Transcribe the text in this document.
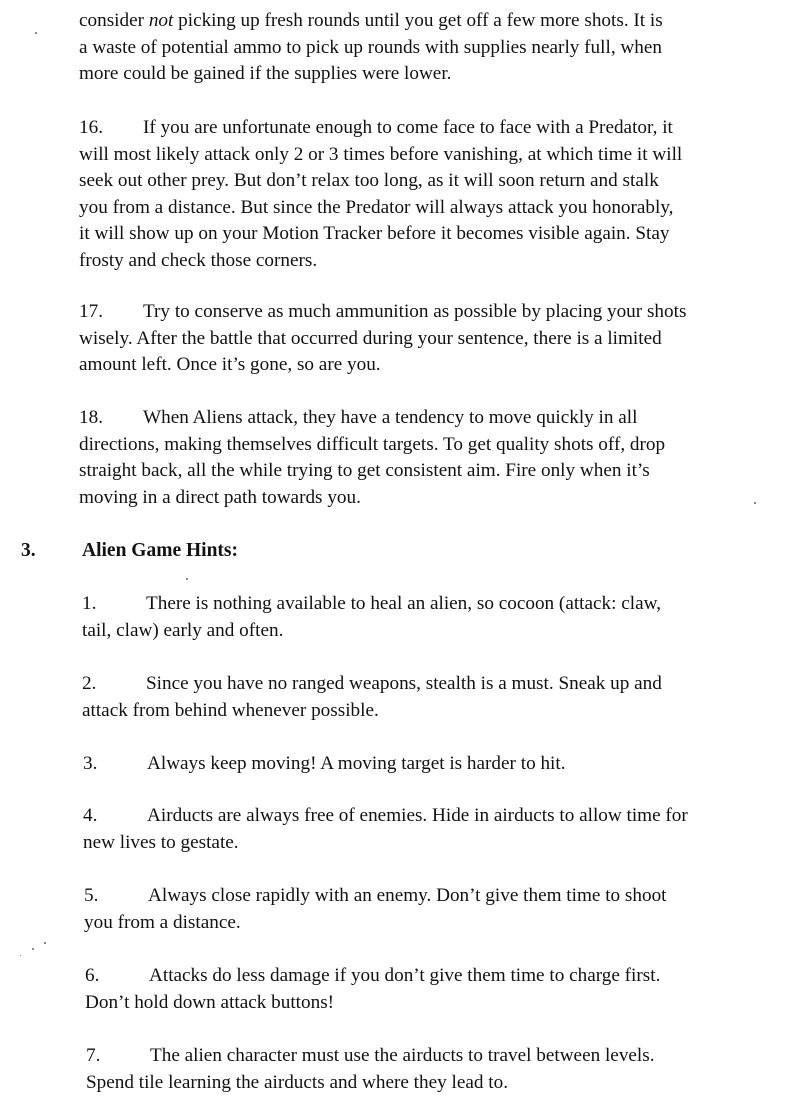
consider not picking up fresh rounds until you get off a few more shots. It is
a waste of potential ammo to pick up rounds with supplies nearly full, when
more could be gained if the supplies were lower.
16. If you are unfortunate enough to come face to face with a Predator, it
will most likely attack only 2 or 3 times before vanishing, at which time it will
seek out other prey. But don’t relax too long, as it will soon return and stalk
you from a distance. But since the Predator will always attack you honorably,
it will show up on your Motion Tracker before it becomes visible again. Stay
frosty and check those corners.
17. Try to conserve as much ammunition as possible by placing your shots
wisely. After the battle that occurred during your sentence, there is a limited
amount left. Once it’s gone, so are you.
18. When Aliens attack, they have a tendency to move quickly in all
directions, making themselves difficult targets. To get quality shots off, drop
straight back, all the while trying to get consistent aim. Fire only when it’s
moving in a direct path towards you.
3. Alien Game Hints:
1.	There is nothing available to heal an alien, so cocoon (attack: claw,
tail, claw) early and often.
2.	Since you have no ranged weapons, stealth is a must. Sneak up and
attack from behind whenever possible.
3.	Always keep moving! A moving target is harder to hit.
4.	Airducts are always free of enemies. Hide in airducts to allow time for
new lives to gestate.
5.	Always close rapidly with an enemy. Don’t give them time to shoot
you from a distance.
6.	Attacks do less damage if you don’t give them time to charge first.
Don’t hold down attack buttons!
7.	The alien character must use the airducts to travel between levels.
Spend tile learning the airducts and where they lead to.
